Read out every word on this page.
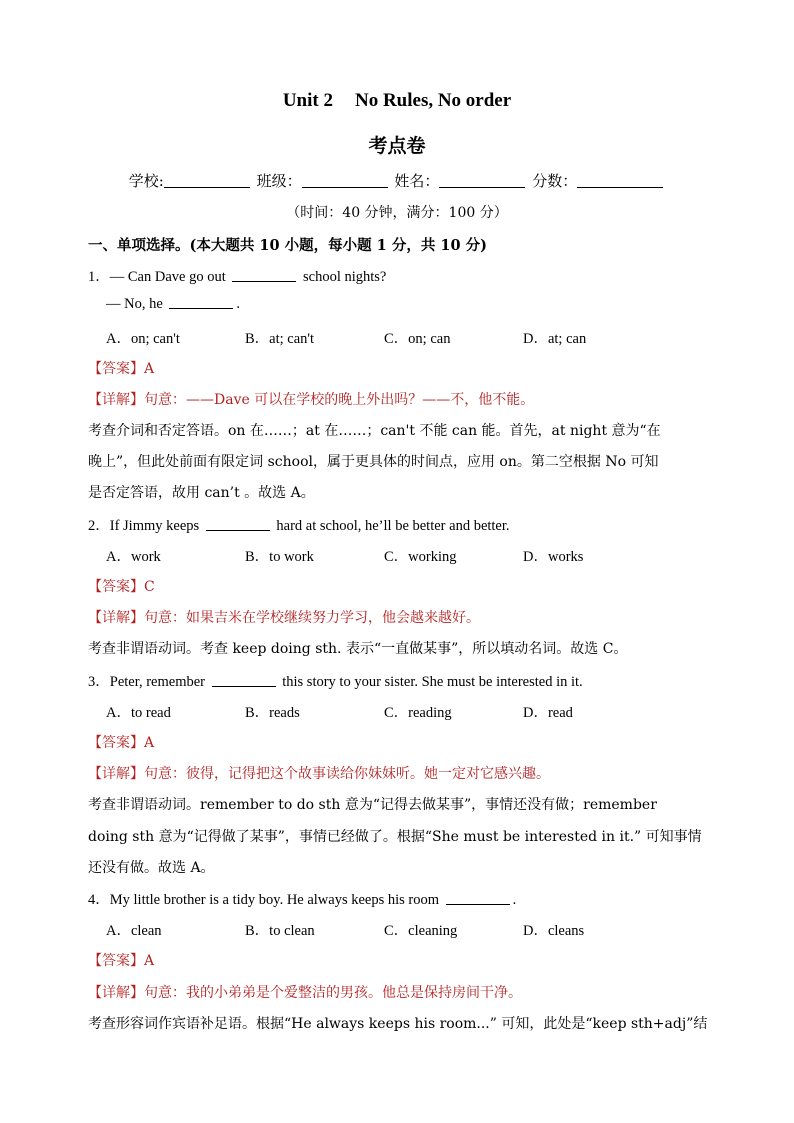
Unit 2 No Rules, No order
考点卷
学校:	班级：	姓名：	分数：
（时间：40 分钟，满分：100 分）
一、单项选择。(本大题共 10 小题，每小题 1 分，共 10 分)
1．— Can Dave go out	school nights?
— No, he	.
A．on; can't	B．at; can't	C．on; can	D．at; can
【答案】A
【详解】句意：——Dave 可以在学校的晚上外出吗？——不，他不能。
考查介词和否定答语。on 在……；at 在……；can't 不能 can 能。首先，at night 意为“在
晚上”，但此处前面有限定词 school，属于更具体的时间点，应用 on。第二空根据 No 可知
是否定答语，故用 can’t 。故选 A。
2．If Jimmy keeps	hard at school, he’ll be better and better.
A．work	B．to work	C．working	D．works
【答案】C
【详解】句意：如果吉米在学校继续努力学习，他会越来越好。
考查非谓语动词。考查 keep doing sth. 表示“一直做某事”，所以填动名词。故选 C。
3．Peter, remember	this story to your sister. She must be interested in it.
A．to read	B．reads	C．reading	D．read
【答案】A
【详解】句意：彼得，记得把这个故事读给你妹妹听。她一定对它感兴趣。
考查非谓语动词。remember to do sth 意为“记得去做某事”，事情还没有做；remember
doing sth 意为“记得做了某事”，事情已经做了。根据“She must be interested in it.” 可知事情
还没有做。故选 A。
4．My little brother is a tidy boy. He always keeps his room	.
A．clean	B．to clean	C．cleaning	D．cleans
【答案】A
【详解】句意：我的小弟弟是个爱整洁的男孩。他总是保持房间干净。
考查形容词作宾语补足语。根据“He always keeps his room...” 可知，此处是“keep sth+adj”结
